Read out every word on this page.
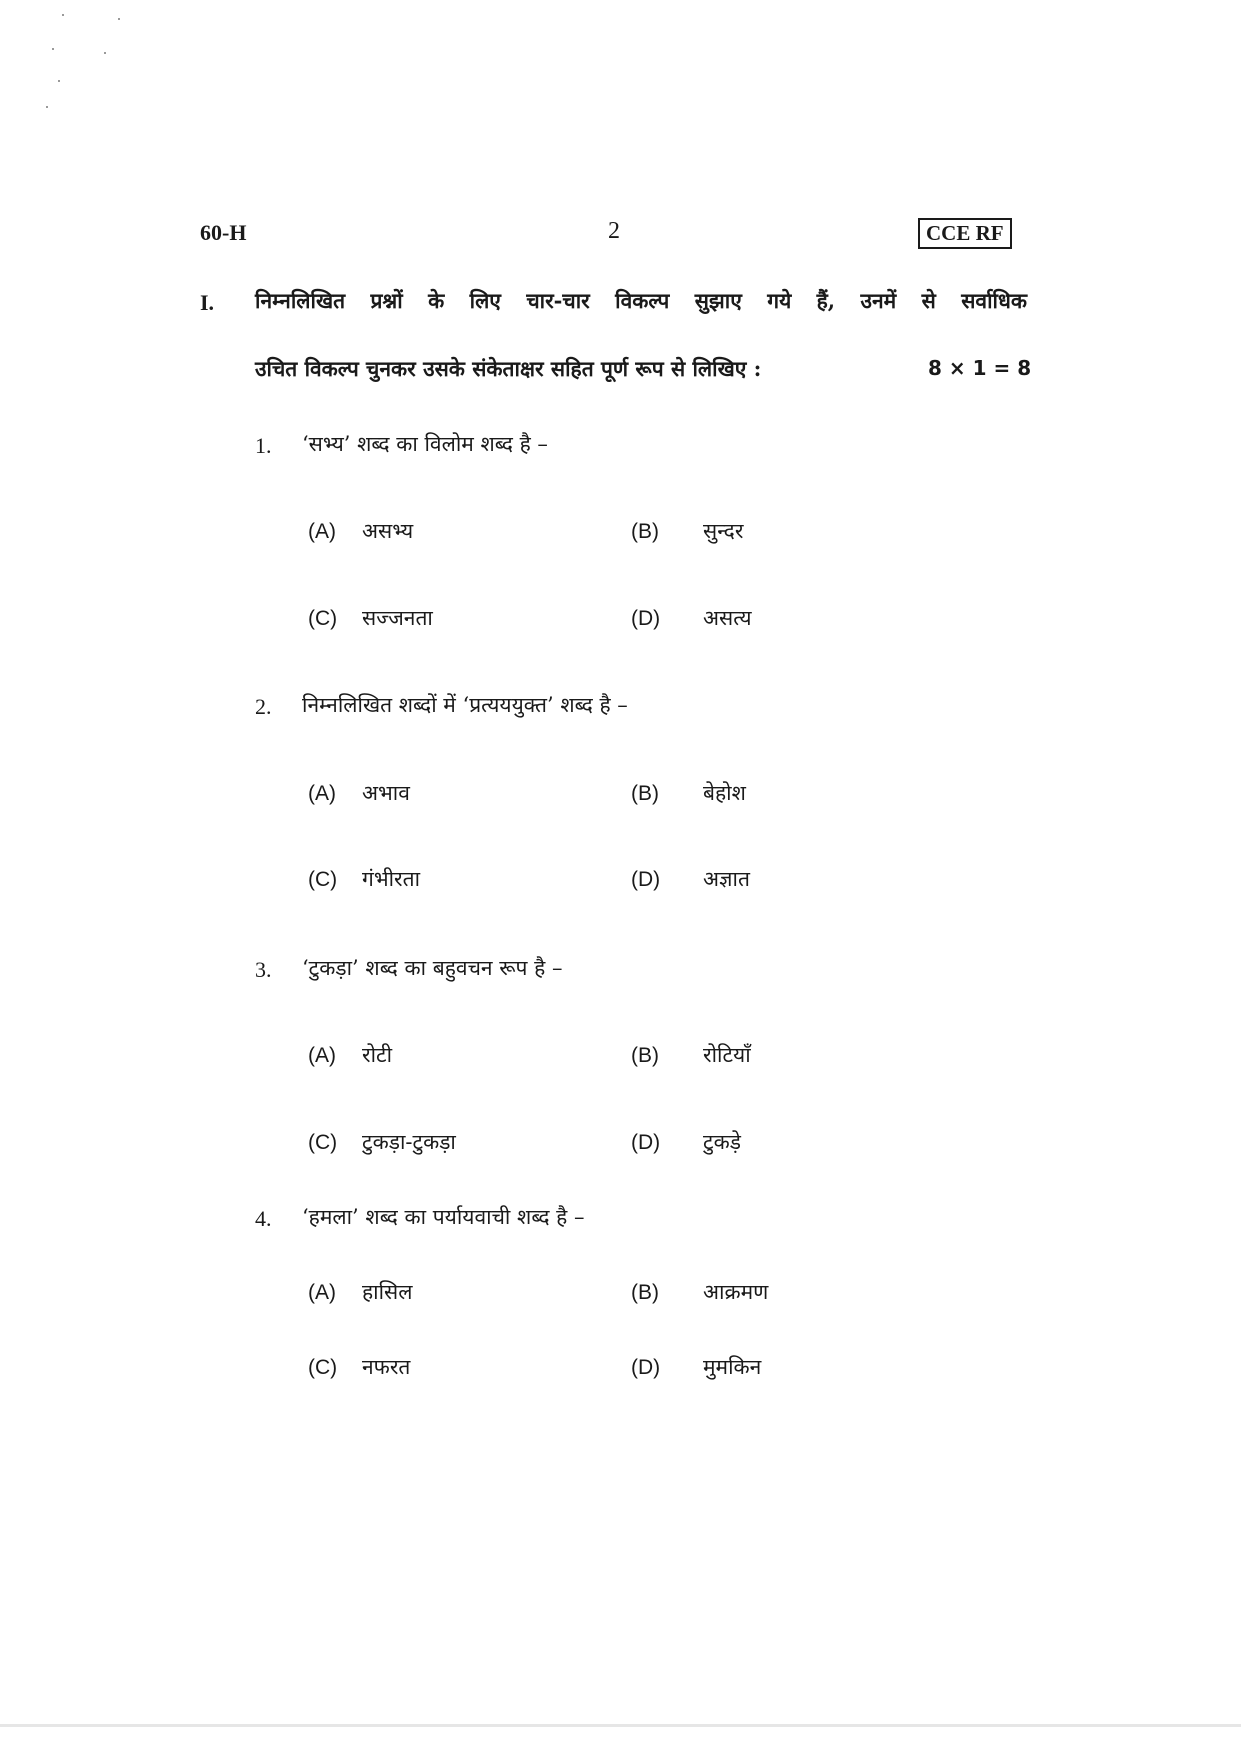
60-H	2	CCE RF
I. निम्नलिखित प्रश्नों के लिए चार-चार विकल्प सुझाए गये हैं, उनमें से सर्वाधिक
उचित विकल्प चुनकर उसके संकेताक्षर सहित पूर्ण रूप से लिखिए :	8 × 1 = 8
1. ‘सभ्य’ शब्द का विलोम शब्द है –
(A) असभ्य	(B) सुन्दर
(C) सज्जनता	(D) असत्य
2. निम्नलिखित शब्दों में ‘प्रत्यययुक्त’ शब्द है –
(A) अभाव	(B) बेहोश
(C) गंभीरता	(D) अज्ञात
3. ‘टुकड़ा’ शब्द का बहुवचन रूप है –
(A) रोटी	(B) रोटियाँ
(C) टुकड़ा-टुकड़ा	(D) टुकड़े
4. ‘हमला’ शब्द का पर्यायवाची शब्द है –
(A) हासिल	(B) आक्रमण
(C) नफरत	(D) मुमकिन
